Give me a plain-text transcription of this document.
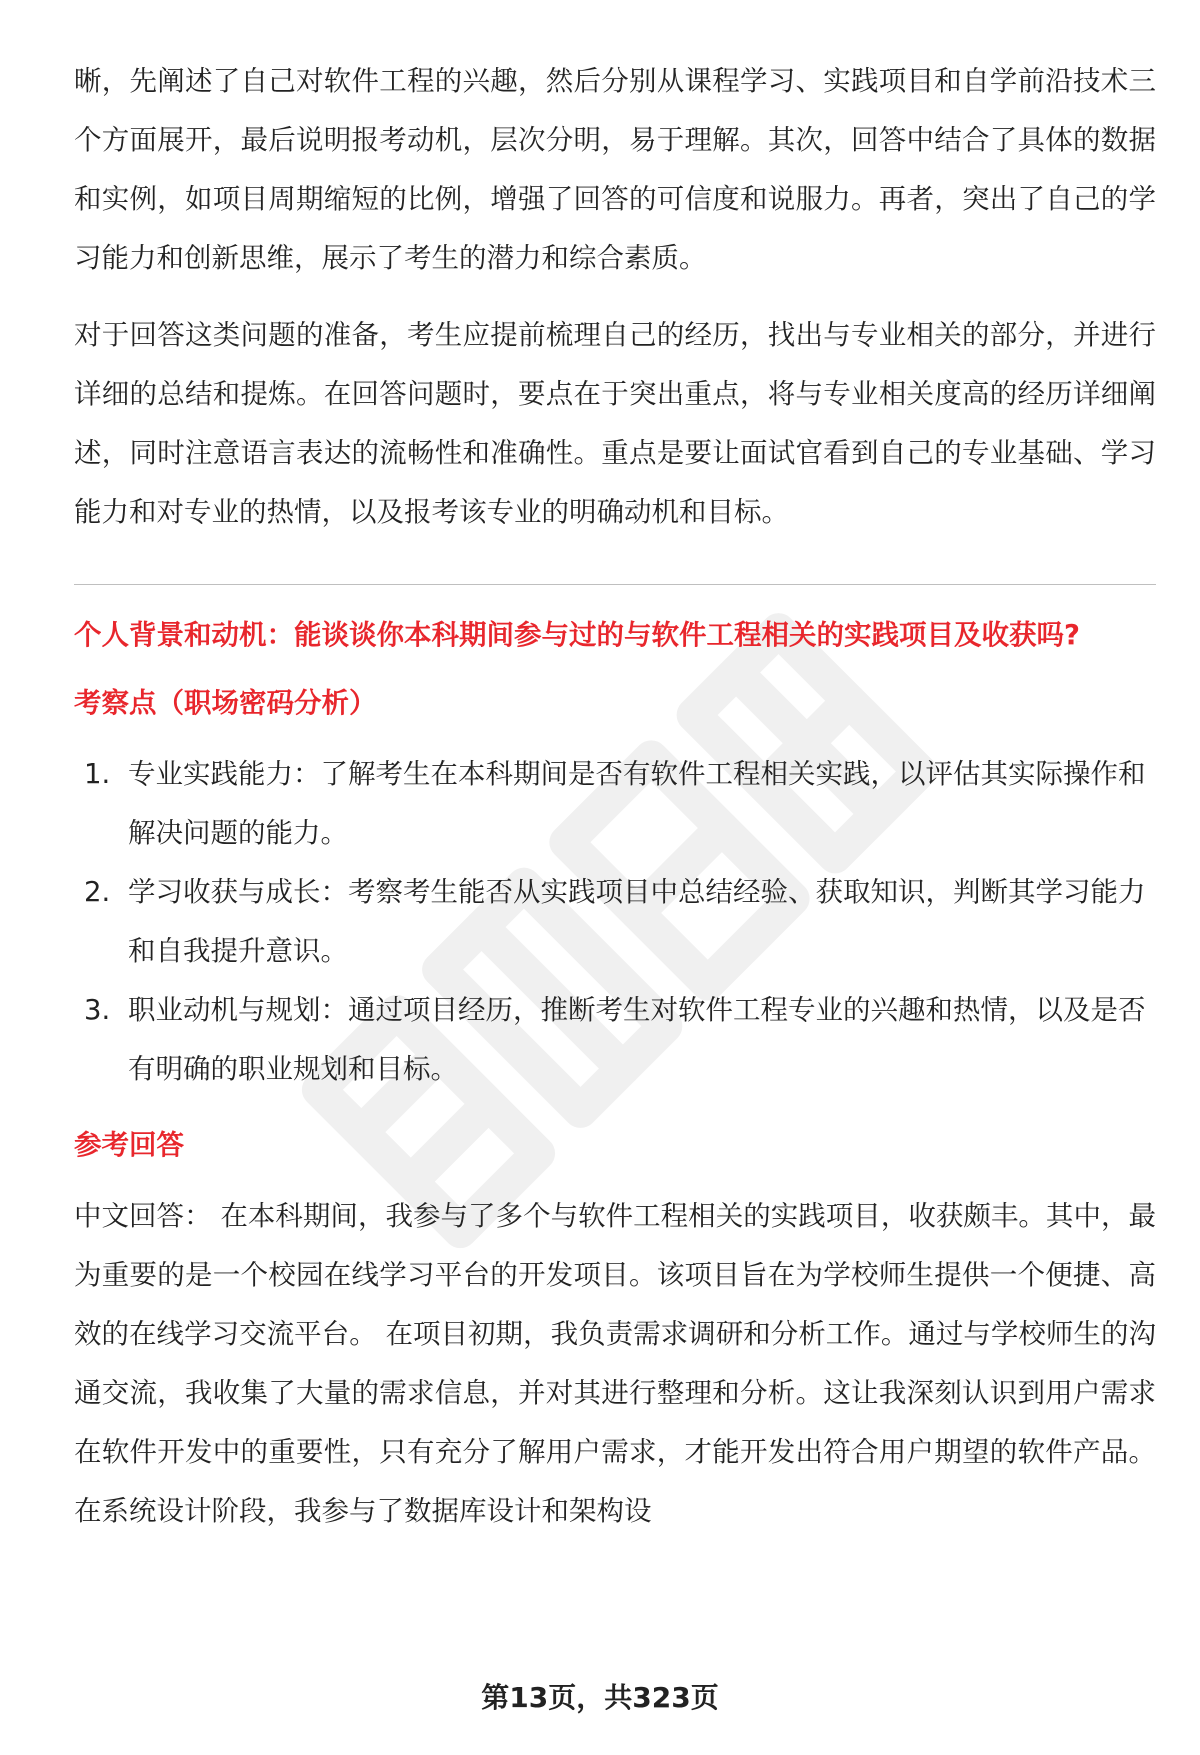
晰，先阐述了自己对软件工程的兴趣，然后分别从课程学习、实践项目和自学前沿技术三个方面展开，最后说明报考动机，层次分明，易于理解。其次，回答中结合了具体的数据和实例，如项目周期缩短的比例，增强了回答的可信度和说服力。再者，突出了自己的学习能力和创新思维，展示了考生的潜力和综合素质。

对于回答这类问题的准备，考生应提前梳理自己的经历，找出与专业相关的部分，并进行详细的总结和提炼。在回答问题时，要点在于突出重点，将与专业相关度高的经历详细阐述，同时注意语言表达的流畅性和准确性。重点是要让面试官看到自己的专业基础、学习能力和对专业的热情，以及报考该专业的明确动机和目标。

个人背景和动机：能谈谈你本科期间参与过的与软件工程相关的实践项目及收获吗?

考察点（职场密码分析）

1. 专业实践能力：了解考生在本科期间是否有软件工程相关实践，以评估其实际操作和解决问题的能力。
2. 学习收获与成长：考察考生能否从实践项目中总结经验、获取知识，判断其学习能力和自我提升意识。
3. 职业动机与规划：通过项目经历，推断考生对软件工程专业的兴趣和热情，以及是否有明确的职业规划和目标。

参考回答

中文回答： 在本科期间，我参与了多个与软件工程相关的实践项目，收获颇丰。其中，最为重要的是一个校园在线学习平台的开发项目。该项目旨在为学校师生提供一个便捷、高效的在线学习交流平台。 在项目初期，我负责需求调研和分析工作。通过与学校师生的沟通交流，我收集了大量的需求信息，并对其进行整理和分析。这让我深刻认识到用户需求在软件开发中的重要性，只有充分了解用户需求，才能开发出符合用户期望的软件产品。 在系统设计阶段，我参与了数据库设计和架构设

第13页，共323页
